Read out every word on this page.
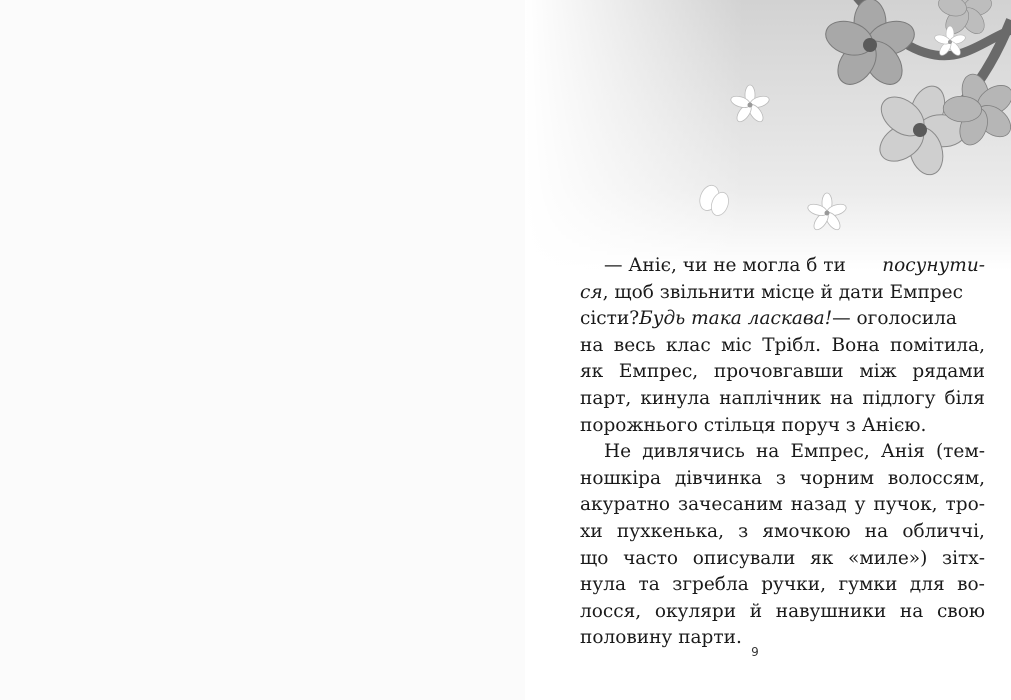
— Аніє, чи не могла б ти посунути-
ся, щоб звільнити місце й дати Емпрес
сісти?Будь така ласкава!— оголосила
на весь клас міс Трібл. Вона помітила,
як Емпрес, прочовгавши між рядами
парт, кинула наплічник на підлогу біля
порожнього стільця поруч з Анією.
Не дивлячись на Емпрес, Анія (тем-
ношкіра дівчинка з чорним волоссям,
акуратно зачесаним назад у пучок, тро-
хи пухкенька, з ямочкою на обличчі,
що часто описували як «миле») зітх-
нула та згребла ручки, гумки для во-
лосся, окуляри й навушники на свою
половину парти.
9
